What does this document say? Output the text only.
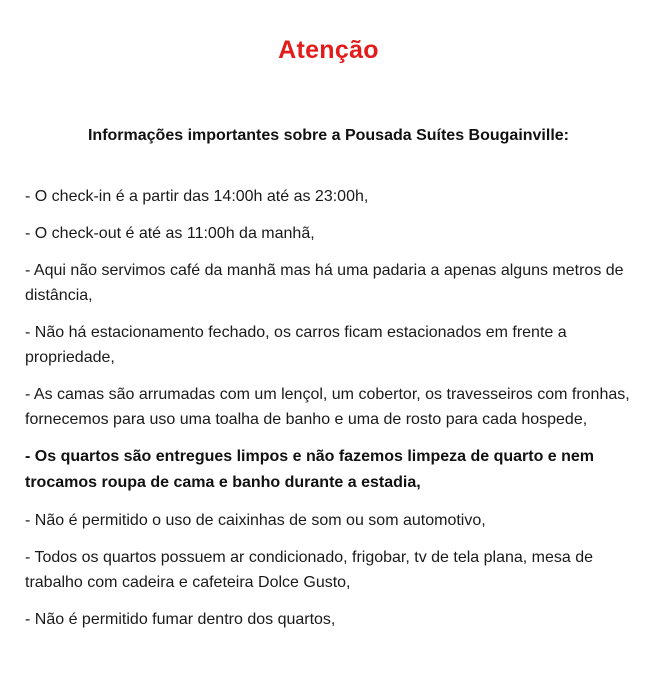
Atenção
Informações importantes sobre a Pousada Suítes Bougainville:
- O check-in é a partir das 14:00h até as 23:00h,
- O check-out é até as 11:00h da manhã,
- Aqui não servimos café da manhã mas há uma padaria a apenas alguns metros de distância,
- Não há estacionamento fechado, os carros ficam estacionados em frente a propriedade,
- As camas são arrumadas com um lençol, um cobertor, os travesseiros com fronhas, fornecemos para uso uma toalha de banho e uma de rosto para cada hospede,
- Os quartos são entregues limpos e não fazemos limpeza de quarto e nem trocamos roupa de cama e banho durante a estadia,
- Não é permitido o uso de caixinhas de som ou som automotivo,
- Todos os quartos possuem ar condicionado, frigobar, tv de tela plana, mesa de trabalho com cadeira e cafeteira Dolce Gusto,
- Não é permitido fumar dentro dos quartos,
